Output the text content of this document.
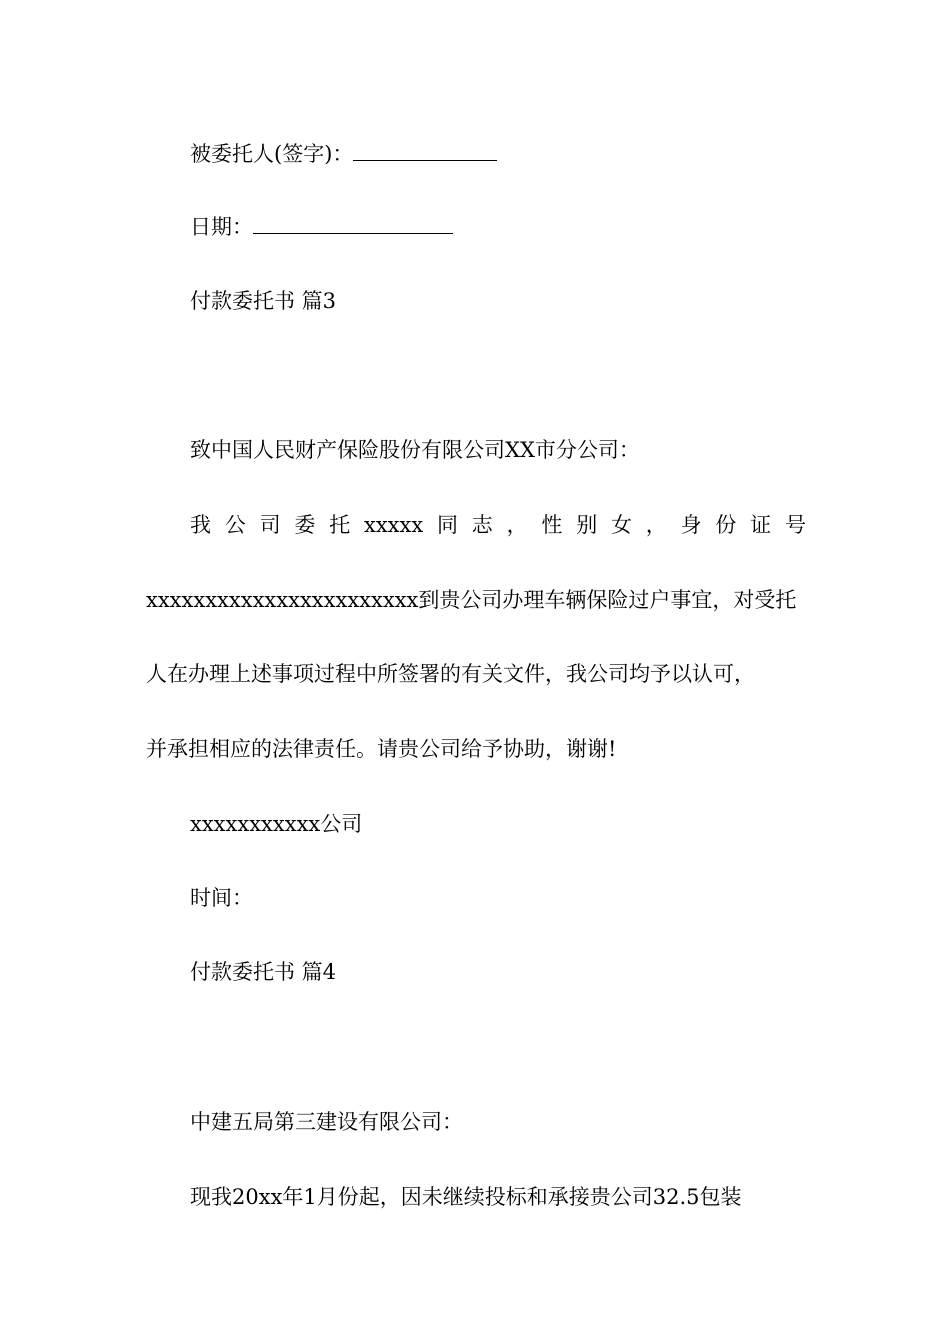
被委托人(签字)：
日期：
付款委托书 篇3
致中国人民财产保险股份有限公司XX市分公司：
我 公 司 委 托 xxxxx 同 志 ， 性 别 女 ， 身 份 证 号
xxxxxxxxxxxxxxxxxxxxxxx到贵公司办理车辆保险过户事宜，对受托
人在办理上述事项过程中所签署的有关文件，我公司均予以认可，
并承担相应的法律责任。请贵公司给予协助，谢谢!
xxxxxxxxxxx公司
时间：
付款委托书 篇4
中建五局第三建设有限公司：
现我20xx年1月份起，因未继续投标和承接贵公司32.5包装
